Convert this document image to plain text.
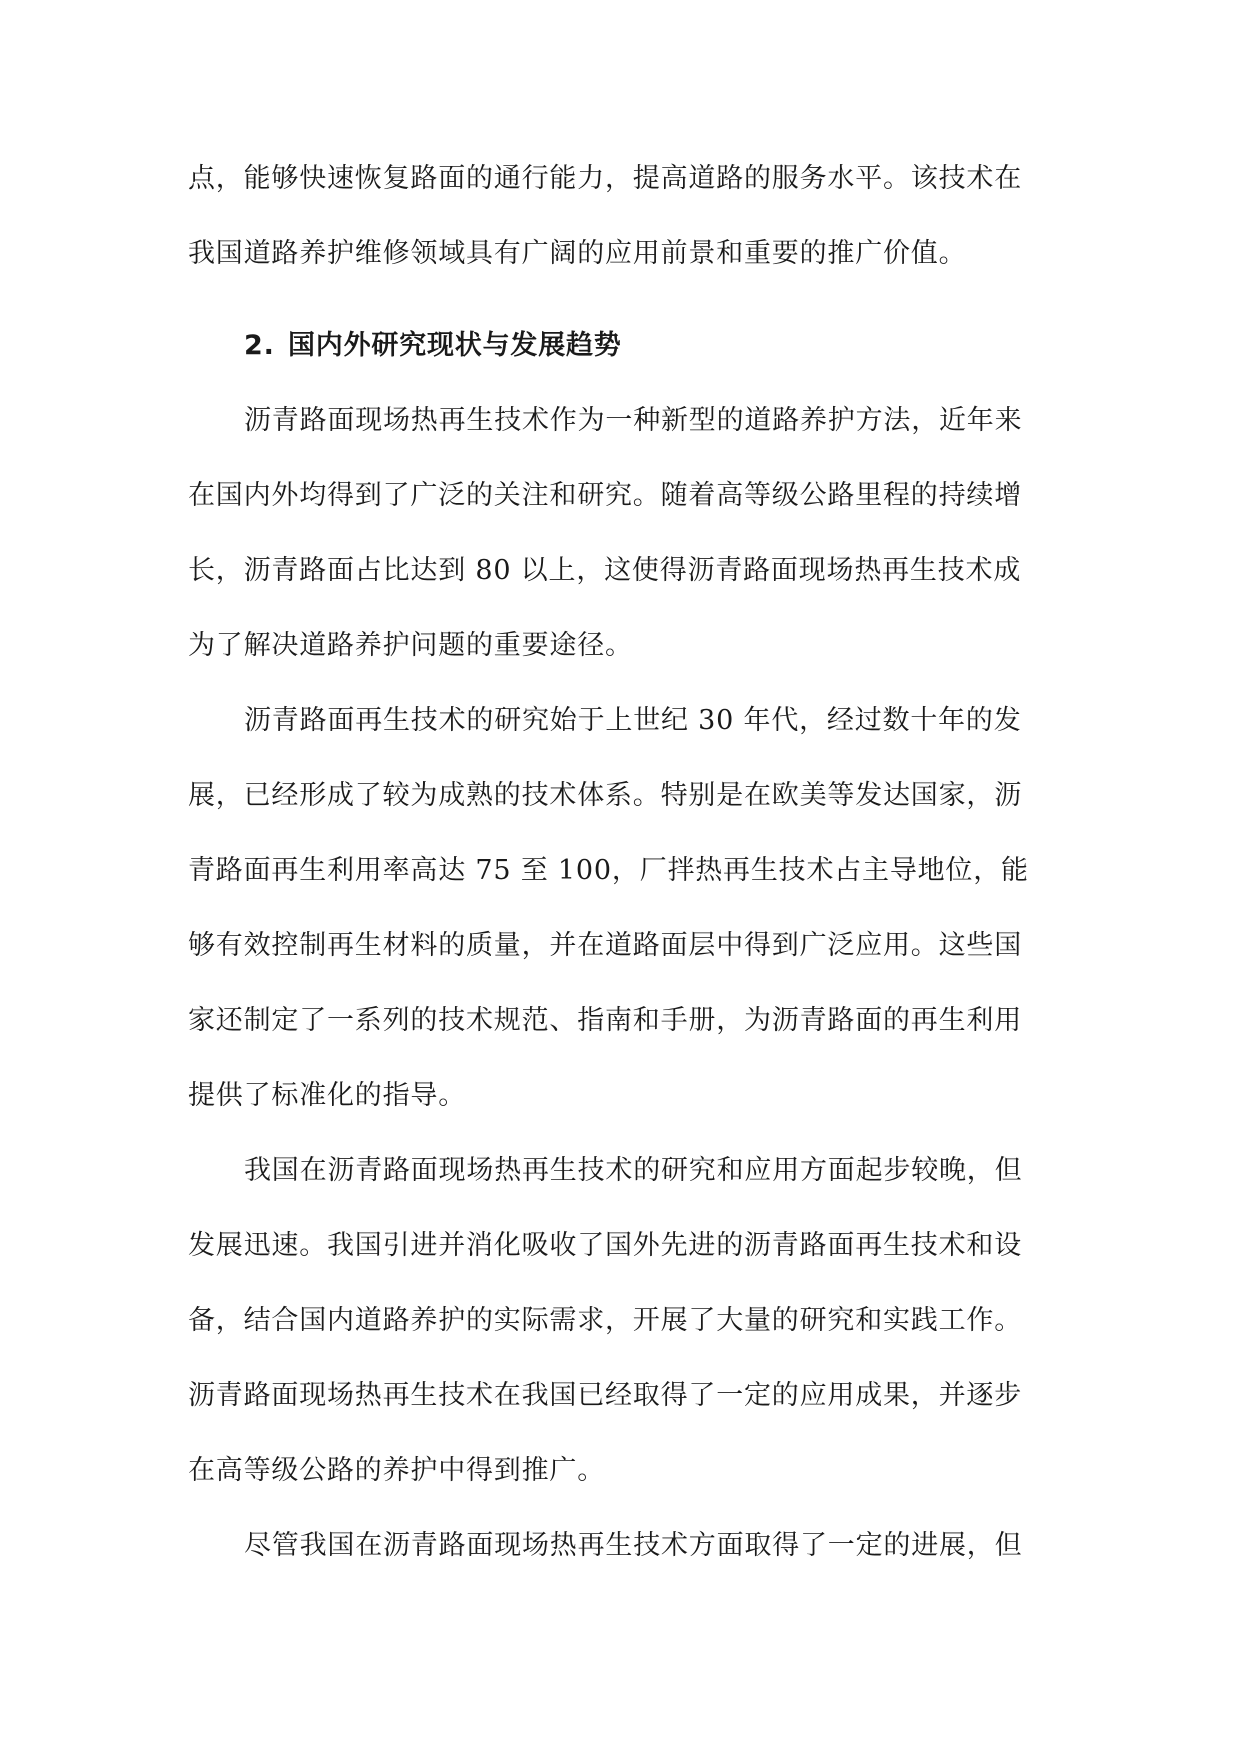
点，能够快速恢复路面的通行能力，提高道路的服务水平。该技术在
我国道路养护维修领域具有广阔的应用前景和重要的推广价值。
2. 国内外研究现状与发展趋势
沥青路面现场热再生技术作为一种新型的道路养护方法，近年来
在国内外均得到了广泛的关注和研究。随着高等级公路里程的持续增
长，沥青路面占比达到 80 以上，这使得沥青路面现场热再生技术成
为了解决道路养护问题的重要途径。
沥青路面再生技术的研究始于上世纪 30 年代，经过数十年的发
展，已经形成了较为成熟的技术体系。特别是在欧美等发达国家，沥
青路面再生利用率高达 75 至 100，厂拌热再生技术占主导地位，能
够有效控制再生材料的质量，并在道路面层中得到广泛应用。这些国
家还制定了一系列的技术规范、指南和手册，为沥青路面的再生利用
提供了标准化的指导。
我国在沥青路面现场热再生技术的研究和应用方面起步较晚，但
发展迅速。我国引进并消化吸收了国外先进的沥青路面再生技术和设
备，结合国内道路养护的实际需求，开展了大量的研究和实践工作。
沥青路面现场热再生技术在我国已经取得了一定的应用成果，并逐步
在高等级公路的养护中得到推广。
尽管我国在沥青路面现场热再生技术方面取得了一定的进展，但
